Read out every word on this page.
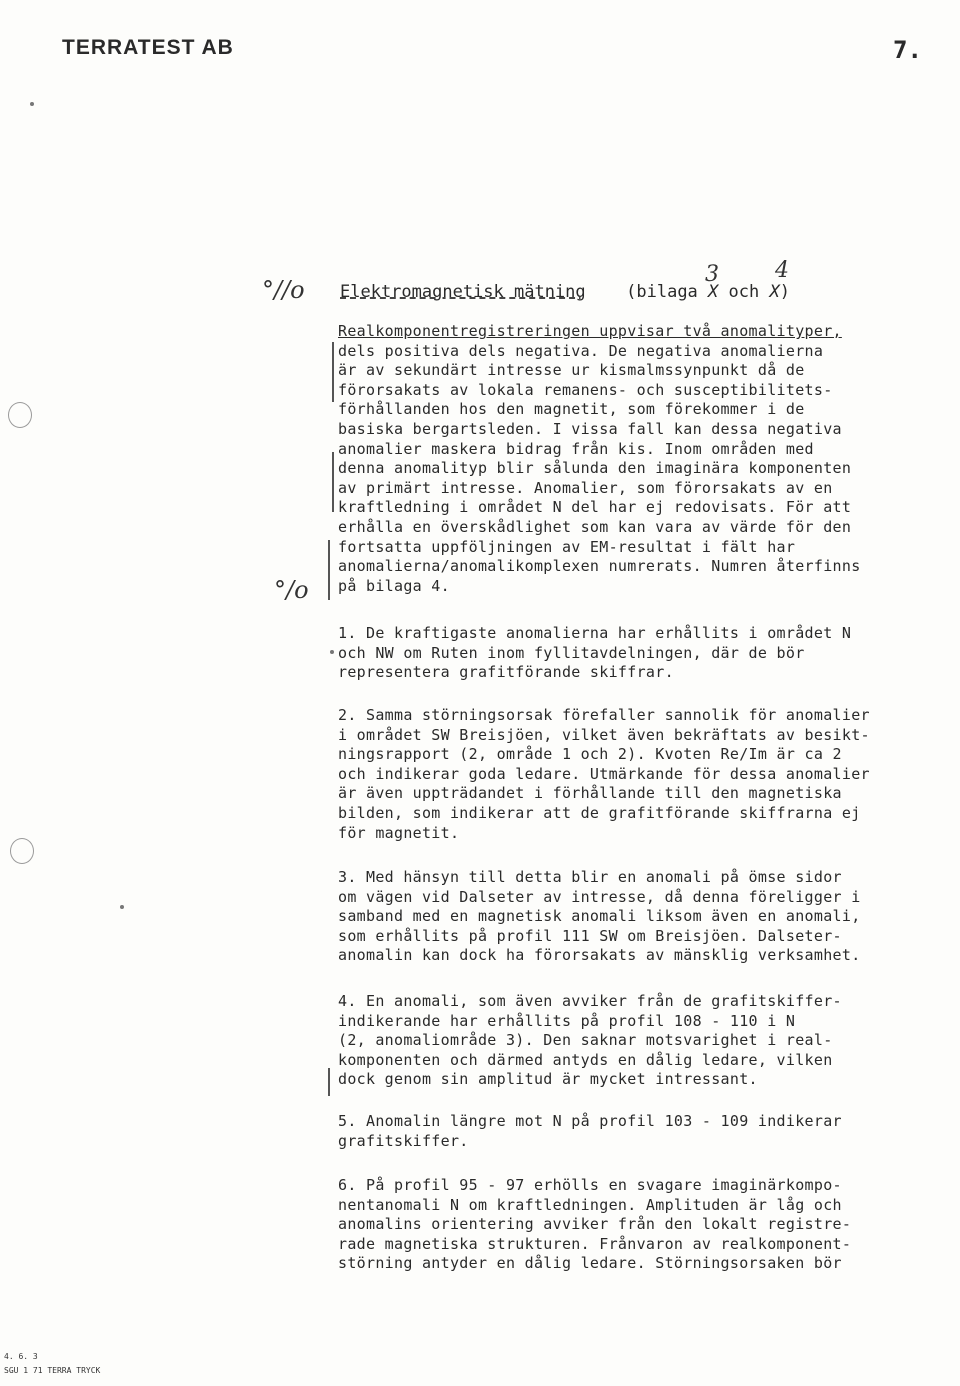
TERRATEST AB	7.
°//o
°/o
3	4
Elektromagnetisk mätning (bilaga X och X)
Realkomponentregistreringen uppvisar två anomalityper,
dels positiva dels negativa. De negativa anomalierna
är av sekundärt intresse ur kismalmssynpunkt då de
förorsakats av lokala remanens- och susceptibilitets-
förhållanden hos den magnetit, som förekommer i de
basiska bergartsleden. I vissa fall kan dessa negativa
anomalier maskera bidrag från kis. Inom områden med
denna anomalityp blir sålunda den imaginära komponenten
av primärt intresse. Anomalier, som förorsakats av en
kraftledning i området N del har ej redovisats. För att
erhålla en överskådlighet som kan vara av värde för den
fortsatta uppföljningen av EM-resultat i fält har
anomalierna/anomalikomplexen numrerats. Numren återfinns
på bilaga 4.
1. De kraftigaste anomalierna har erhållits i området N
och NW om Ruten inom fyllitavdelningen, där de bör
representera grafitförande skiffrar.
2. Samma störningsorsak förefaller sannolik för anomalier
i området SW Breisjöen, vilket även bekräftats av besikt-
ningsrapport (2, område 1 och 2). Kvoten Re/Im är ca 2
och indikerar goda ledare. Utmärkande för dessa anomalier
är även uppträdandet i förhållande till den magnetiska
bilden, som indikerar att de grafitförande skiffrarna ej
för magnetit.
3. Med hänsyn till detta blir en anomali på ömse sidor
om vägen vid Dalseter av intresse, då denna föreligger i
samband med en magnetisk anomali liksom även en anomali,
som erhållits på profil 111 SW om Breisjöen. Dalseter-
anomalin kan dock ha förorsakats av mänsklig verksamhet.
4. En anomali, som även avviker från de grafitskiffer-
indikerande har erhållits på profil 108 - 110 i N
(2, anomaliområde 3). Den saknar motsvarighet i real-
komponenten och därmed antyds en dålig ledare, vilken
dock genom sin amplitud är mycket intressant.
5. Anomalin längre mot N på profil 103 - 109 indikerar
grafitskiffer.
6. På profil 95 - 97 erhölls en svagare imaginärkompo-
nentanomali N om kraftledningen. Amplituden är låg och
anomalins orientering avviker från den lokalt registre-
rade magnetiska strukturen. Frånvaron av realkomponent-
störning antyder en dålig ledare. Störningsorsaken bör
4. 6. 3
SGU 1 71 TERRA TRYCK
